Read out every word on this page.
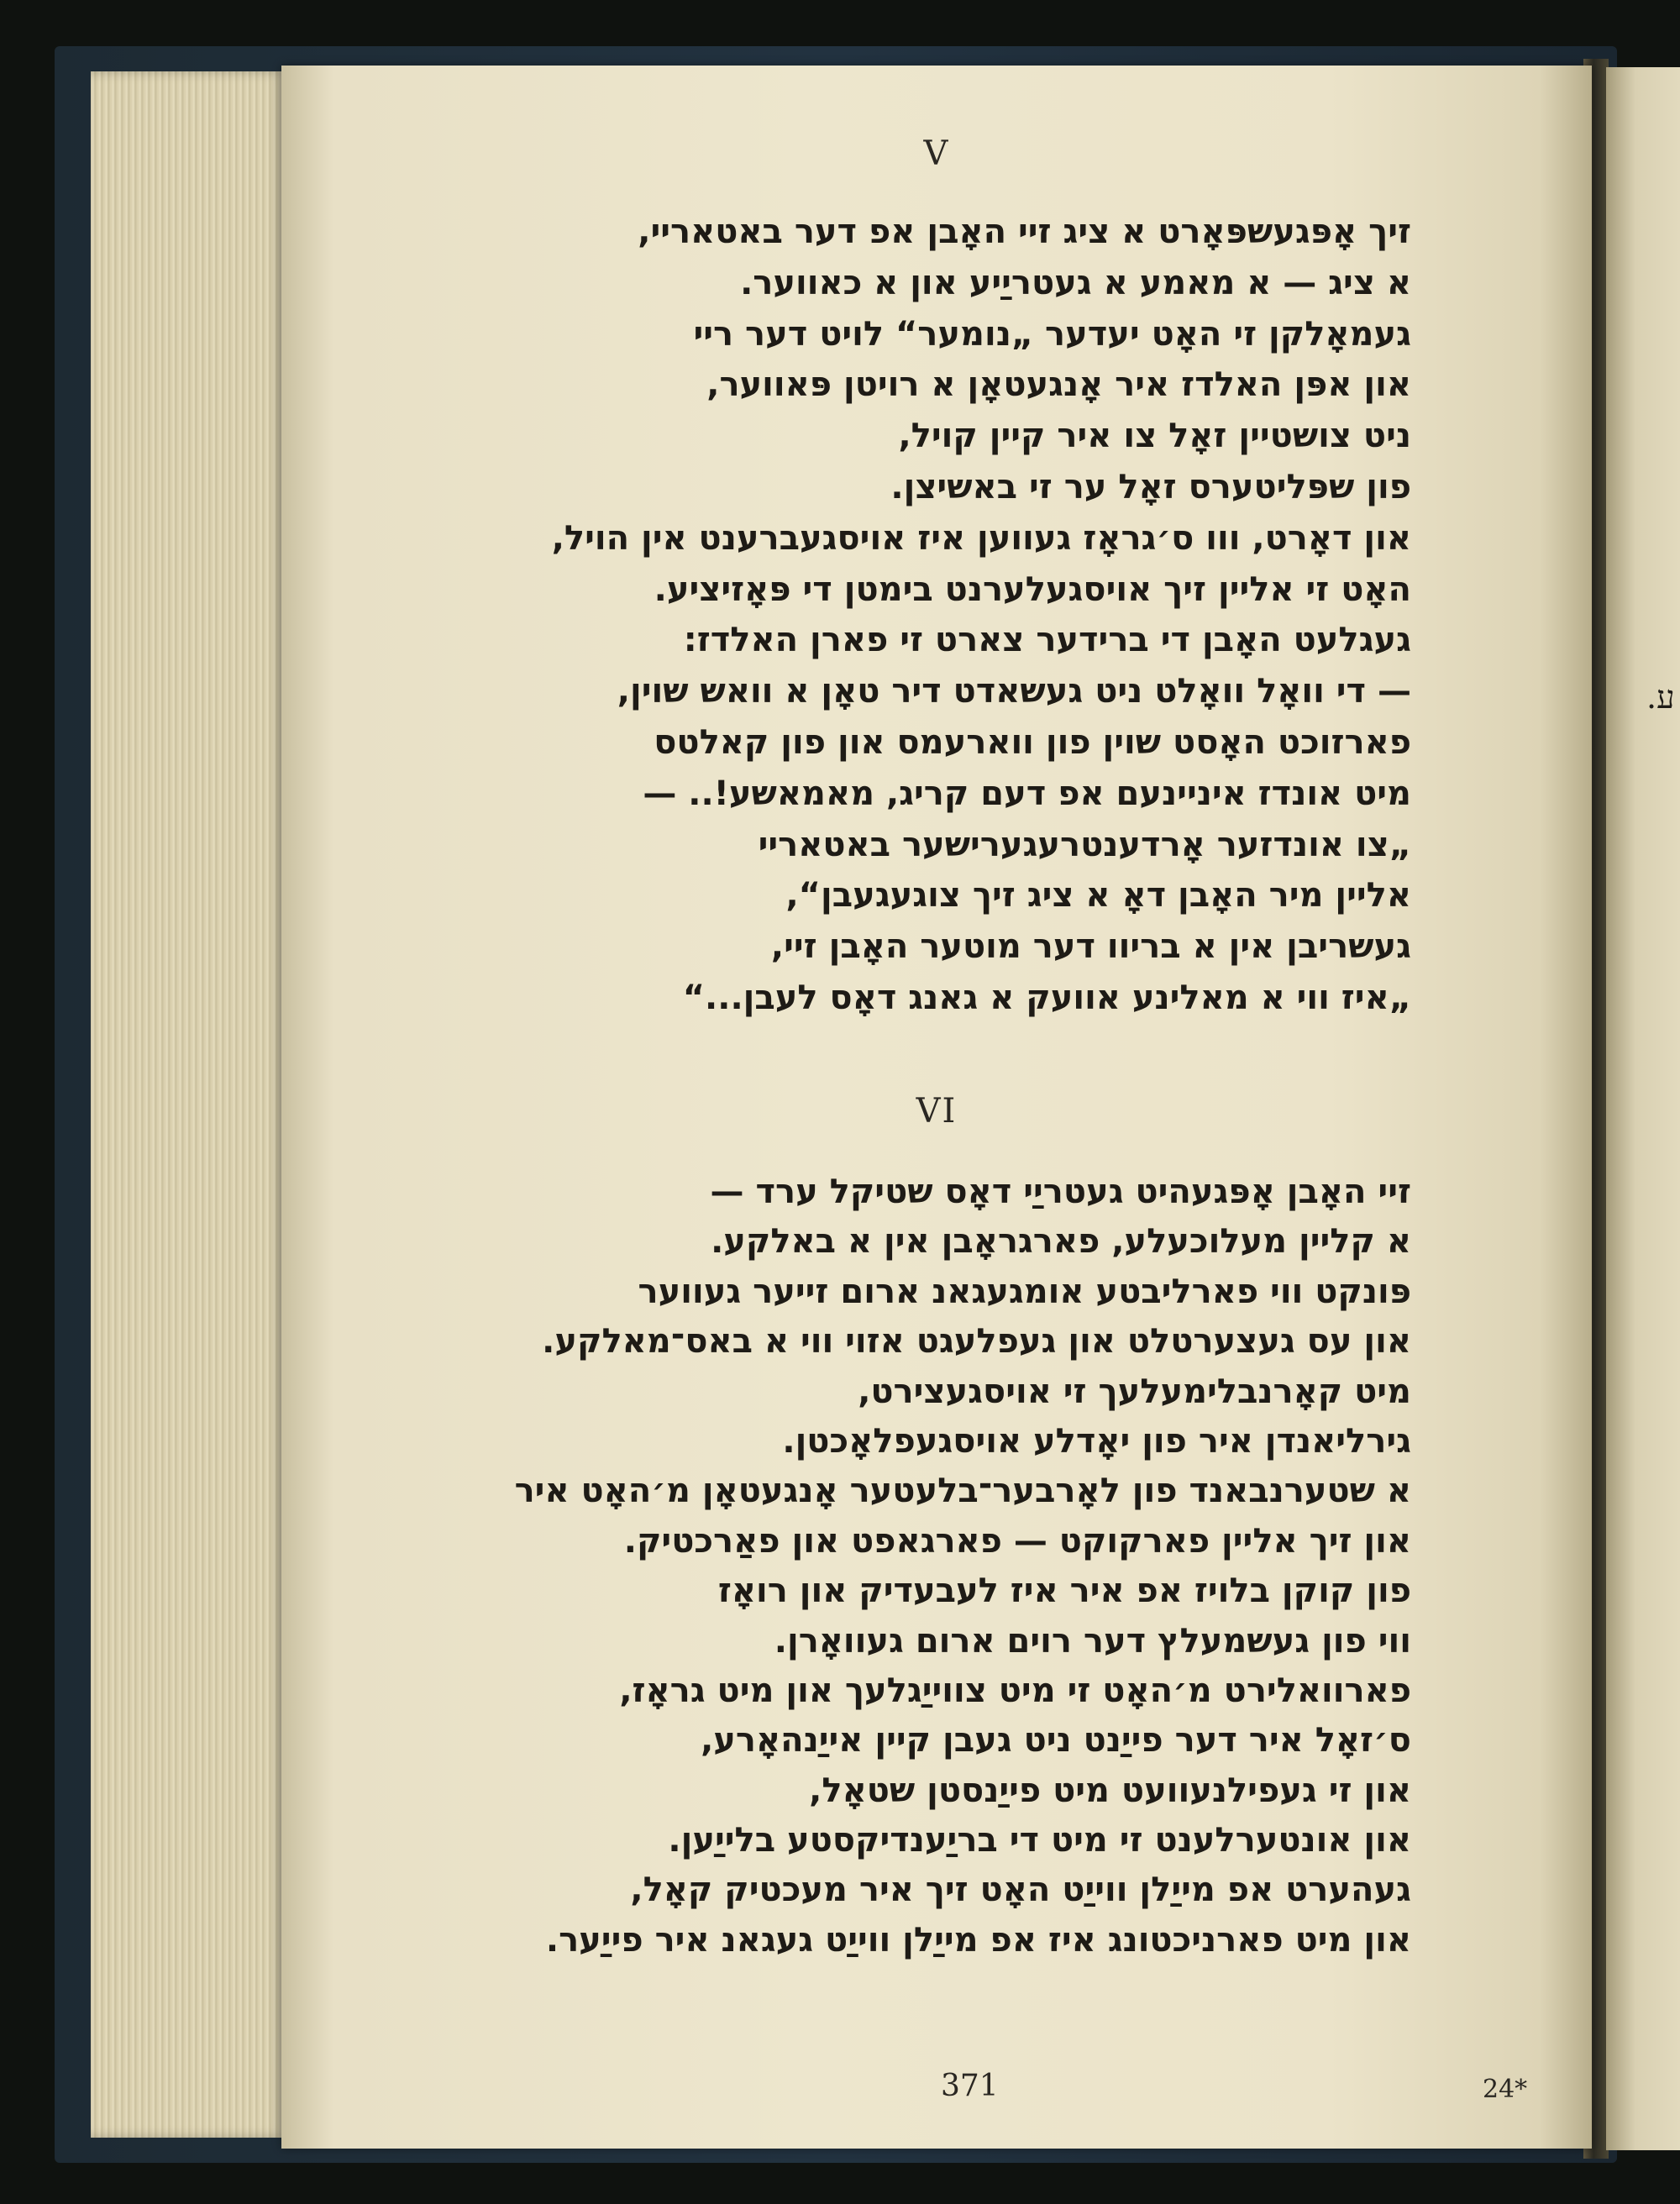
ע.
V
זיך אָפּגעשפּאָרט א ציג זיי האָבן אפ דער באטאריי,
א ציג — א מאמע א געטריַיע און א כאווער.
געמאָלקן זי האָט יעדער „נומער“ לויט דער ריי
און אפּן האלדז איר אָנגעטאָן א רויטן פּאווער,
ניט צושטיין זאָל צו איר קיין קויל,
פון שפּליטערס זאָל ער זי באשיצן.
און דאָרט, ווו ס׳גראָז געווען איז אויסגעברענט אין הויל,
האָט זי אליין זיך אויסגעלערנט בימטן די פּאָזיציע.
געגלעט האָבן די ברידער צארט זי פארן האלדז:
— די וואָל וואָלט ניט געשאדט דיר טאָן א וואש שוין,
פארזוכט האָסט שוין פון ווארעמס און פון קאלטס
מיט אונדז איניינעם אפ דעם קריג, מאמאשע!.. —
„צו אונדזער אָרדענטרעגערישער באטאריי
אליין מיר האָבן דאָ א ציג זיך צוגעגעבן“,
געשריבן אין א בריוו דער מוטער האָבן זיי,
„איז ווי א מאלינע אוועק א גאנג דאָס לעבן...“
VI
זיי האָבן אָפּגעהיט געטריַי דאָס שטיקל ערד —
א קליין מעלוכעלע, פארגראָבן אין א באלקע.
פּונקט ווי פארליבטע אומגעגאנ ארום זייער געווער
און עס געצערטלט און געפלעגט אזוי ווי א באס־מאלקע.
מיט קאָרנבלימעלעך זי אויסגעצירט,
גירליאנדן איר פון יאָדלע אויסגעפלאָכטן.
א שטערנבאנד פון לאָרבער־בלעטער אָנגעטאָן מ׳האָט איר
און זיך אליין פארקוקט — פארגאפט און פאַרכטיק.
פון קוקן בלויז אפ איר איז לעבעדיק און רואָז
ווי פון געשמעלץ דער רוים ארום געוואָרן.
פארוואלירט מ׳האָט זי מיט צווייַגלעך און מיט גראָז,
ס׳זאָל איר דער פייַנט ניט געבן קיין אייַנהאָרע,
און זי געפילנעוועט מיט פייַנסטן שטאָל,
און אונטערלענט זי מיט די בריַענדיקסטע בלייַען.
געהערט אפ מייַלן ווייַט האָט זיך איר מעכטיק קאָל,
און מיט פארניכטונג איז אפ מייַלן ווייַט געגאנ איר פייַער.
371	24*
